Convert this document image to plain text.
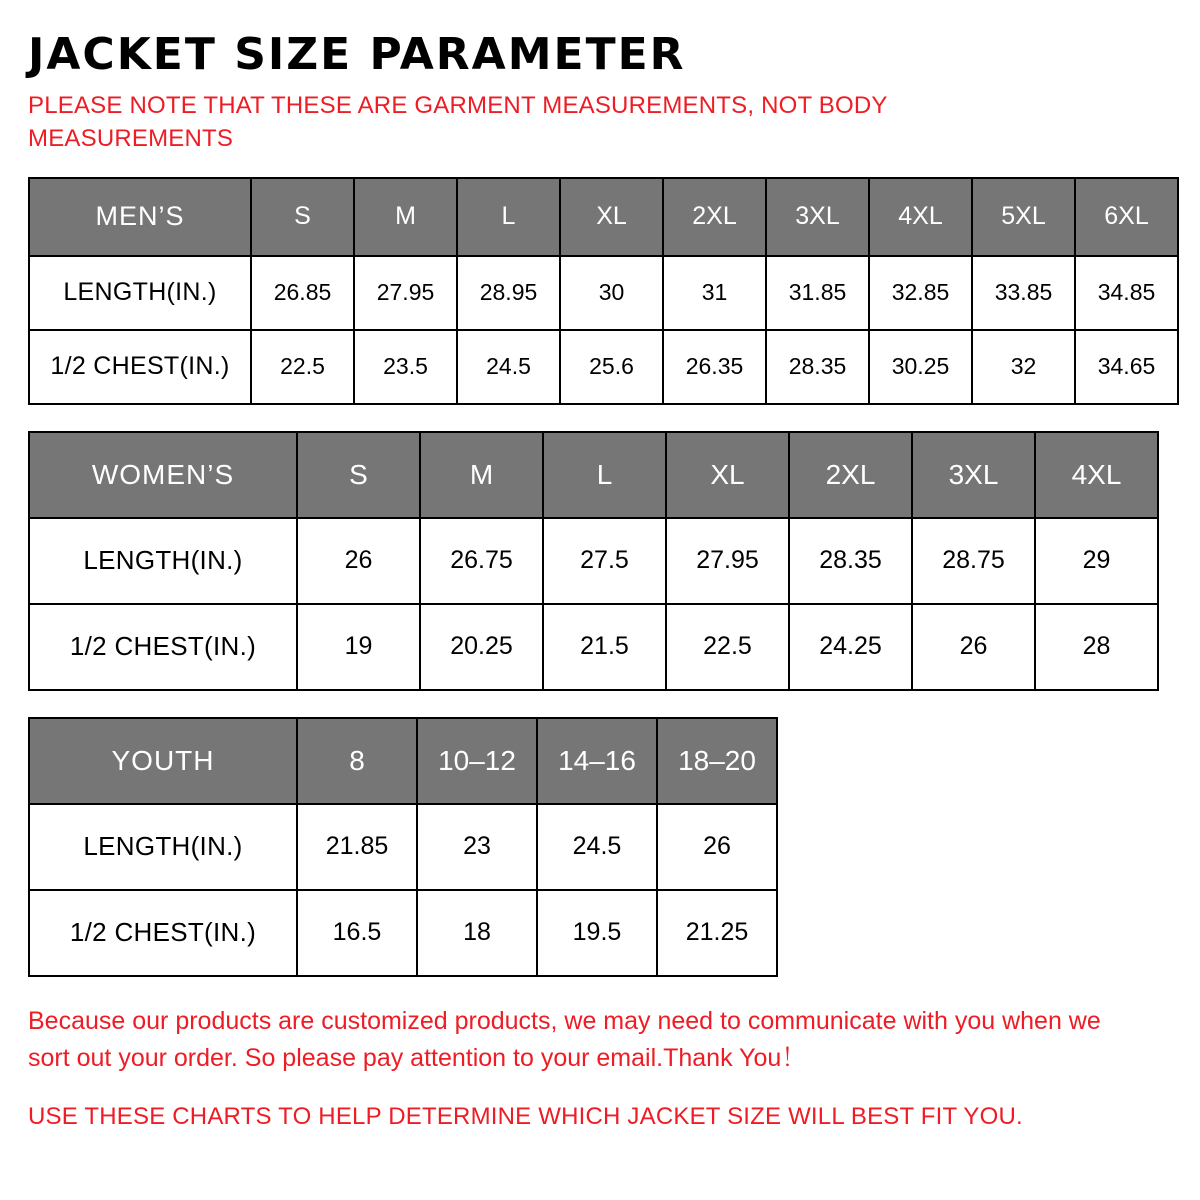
JACKET SIZE PARAMETER
PLEASE NOTE THAT THESE ARE GARMENT MEASUREMENTS, NOT BODY MEASUREMENTS
MEN’S	S	M	L	XL	2XL	3XL	4XL	5XL	6XL
LENGTH(IN.)	26.85	27.95	28.95	30	31	31.85	32.85	33.85	34.85
1/2 CHEST(IN.)	22.5	23.5	24.5	25.6	26.35	28.35	30.25	32	34.65
WOMEN’S	S	M	L	XL	2XL	3XL	4XL
LENGTH(IN.)	26	26.75	27.5	27.95	28.35	28.75	29
1/2 CHEST(IN.)	19	20.25	21.5	22.5	24.25	26	28
YOUTH	8	10–12	14–16	18–20
LENGTH(IN.)	21.85	23	24.5	26
1/2 CHEST(IN.)	16.5	18	19.5	21.25
Because our products are customized products, we may need to communicate with you when we sort out your order. So please pay attention to your email.Thank You！
USE THESE CHARTS TO HELP DETERMINE WHICH JACKET SIZE WILL BEST FIT YOU.
